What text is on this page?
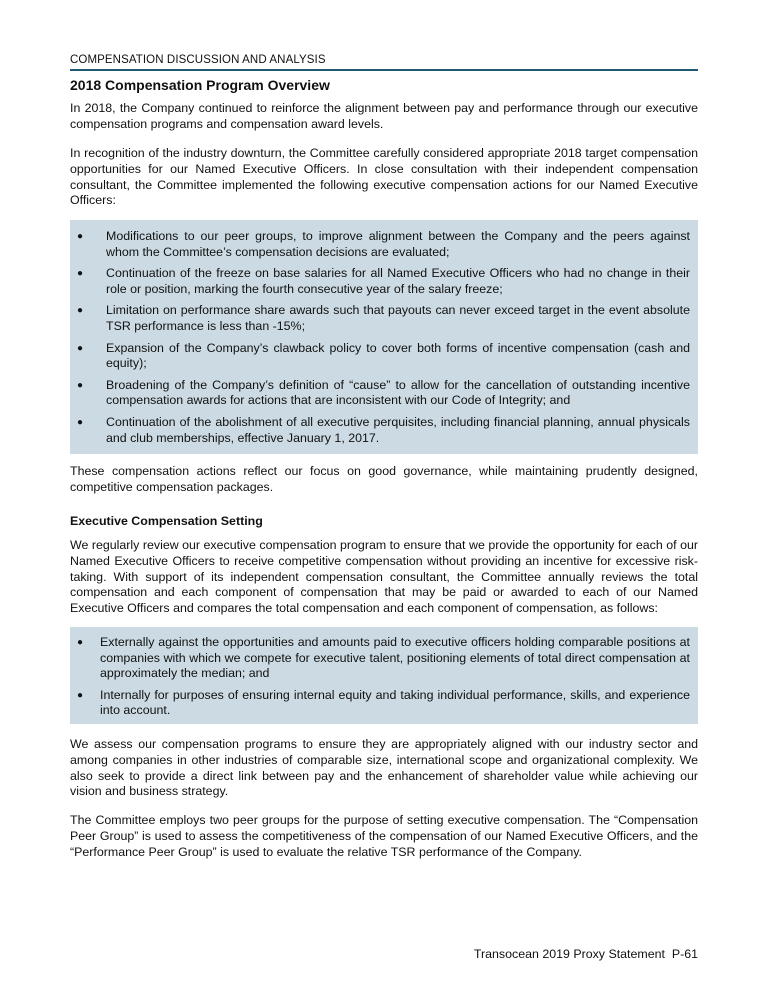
COMPENSATION DISCUSSION AND ANALYSIS
2018 Compensation Program Overview

In 2018, the Company continued to reinforce the alignment between pay and performance through our executive compensation programs and compensation award levels.

In recognition of the industry downturn, the Committee carefully considered appropriate 2018 target compensation opportunities for our Named Executive Officers. In close consultation with their independent compensation consultant, the Committee implemented the following executive compensation actions for our Named Executive Officers:

● Modifications to our peer groups, to improve alignment between the Company and the peers against whom the Committee’s compensation decisions are evaluated;
● Continuation of the freeze on base salaries for all Named Executive Officers who had no change in their role or position, marking the fourth consecutive year of the salary freeze;
● Limitation on performance share awards such that payouts can never exceed target in the event absolute TSR performance is less than -15%;
● Expansion of the Company’s clawback policy to cover both forms of incentive compensation (cash and equity);
● Broadening of the Company’s definition of “cause” to allow for the cancellation of outstanding incentive compensation awards for actions that are inconsistent with our Code of Integrity; and
● Continuation of the abolishment of all executive perquisites, including financial planning, annual physicals and club memberships, effective January 1, 2017.

These compensation actions reflect our focus on good governance, while maintaining prudently designed, competitive compensation packages.

Executive Compensation Setting

We regularly review our executive compensation program to ensure that we provide the opportunity for each of our Named Executive Officers to receive competitive compensation without providing an incentive for excessive risk-taking. With support of its independent compensation consultant, the Committee annually reviews the total compensation and each component of compensation that may be paid or awarded to each of our Named Executive Officers and compares the total compensation and each component of compensation, as follows:

● Externally against the opportunities and amounts paid to executive officers holding comparable positions at companies with which we compete for executive talent, positioning elements of total direct compensation at approximately the median; and
● Internally for purposes of ensuring internal equity and taking individual performance, skills, and experience into account.

We assess our compensation programs to ensure they are appropriately aligned with our industry sector and among companies in other industries of comparable size, international scope and organizational complexity. We also seek to provide a direct link between pay and the enhancement of shareholder value while achieving our vision and business strategy.

The Committee employs two peer groups for the purpose of setting executive compensation. The “Compensation Peer Group” is used to assess the competitiveness of the compensation of our Named Executive Officers, and the “Performance Peer Group” is used to evaluate the relative TSR performance of the Company.

Transocean 2019 Proxy Statement P-61
